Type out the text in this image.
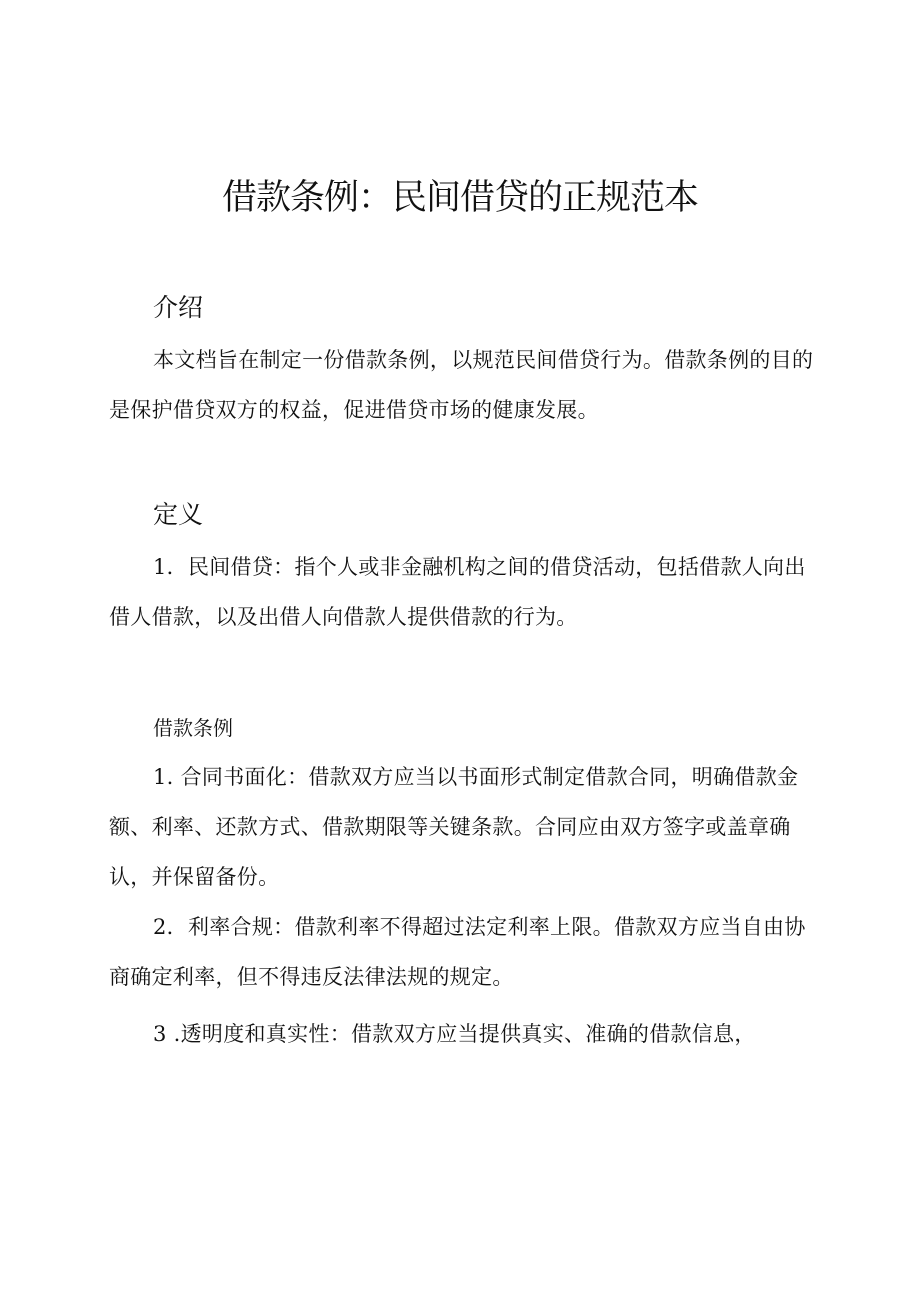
借款条例：民间借贷的正规范本
介绍

本文档旨在制定一份借款条例，以规范民间借贷行为。借款条例的目的是保护借贷双方的权益，促进借贷市场的健康发展。

定义

1．民间借贷：指个人或非金融机构之间的借贷活动，包括借款人向出借人借款，以及出借人向借款人提供借款的行为。

借款条例

1. 合同书面化：借款双方应当以书面形式制定借款合同，明确借款金额、利率、还款方式、借款期限等关键条款。合同应由双方签字或盖章确认，并保留备份。

2．利率合规：借款利率不得超过法定利率上限。借款双方应当自由协商确定利率，但不得违反法律法规的规定。

3 .透明度和真实性：借款双方应当提供真实、准确的借款信息，
